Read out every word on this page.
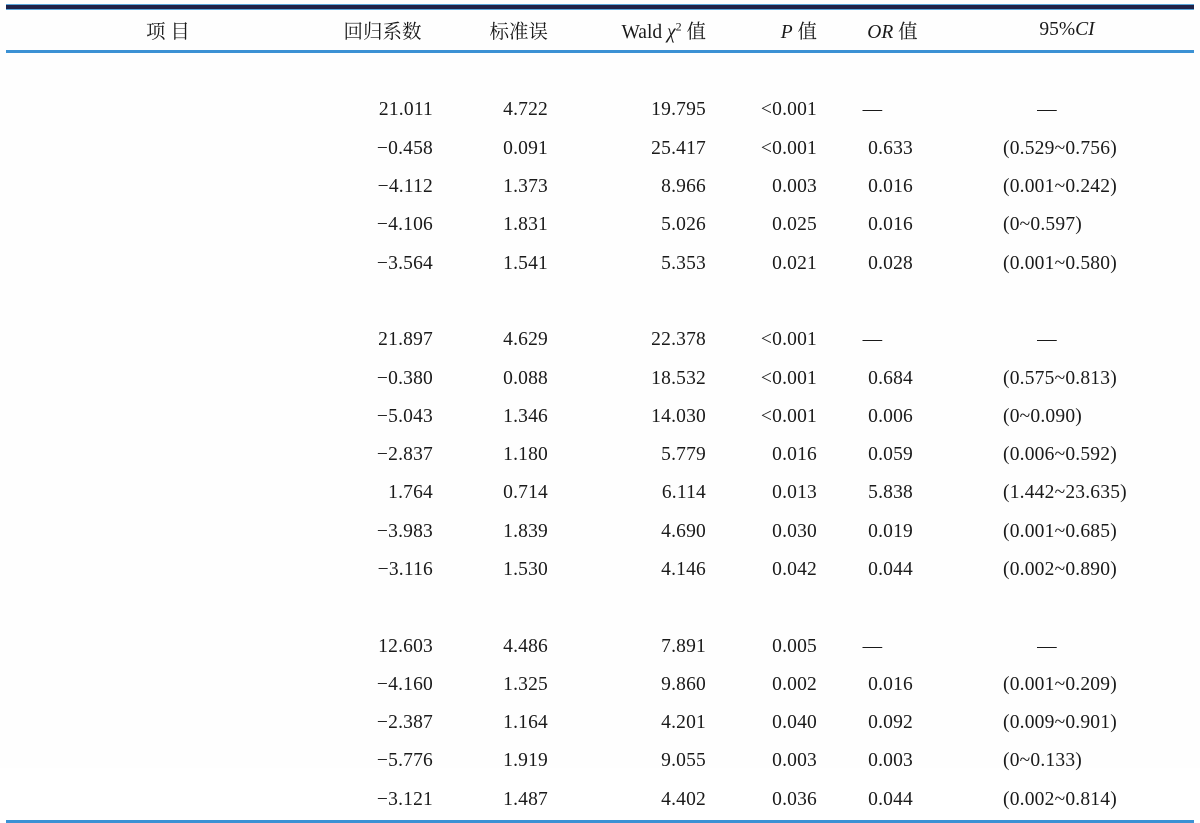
项 目	回归系数	标准误	Wald $\chi^2$ 值	P 值	OR 值	95%CI

	21.011	4.722	19.795	<0.001	—	—
	−0.458	0.091	25.417	<0.001	0.633	(0.529~0.756)
	−4.112	1.373	8.966	0.003	0.016	(0.001~0.242)
	−4.106	1.831	5.026	0.025	0.016	(0~0.597)
	−3.564	1.541	5.353	0.021	0.028	(0.001~0.580)

	21.897	4.629	22.378	<0.001	—	—
	−0.380	0.088	18.532	<0.001	0.684	(0.575~0.813)
	−5.043	1.346	14.030	<0.001	0.006	(0~0.090)
	−2.837	1.180	5.779	0.016	0.059	(0.006~0.592)
	1.764	0.714	6.114	0.013	5.838	(1.442~23.635)
	−3.983	1.839	4.690	0.030	0.019	(0.001~0.685)
	−3.116	1.530	4.146	0.042	0.044	(0.002~0.890)

	12.603	4.486	7.891	0.005	—	—
	−4.160	1.325	9.860	0.002	0.016	(0.001~0.209)
	−2.387	1.164	4.201	0.040	0.092	(0.009~0.901)
	−5.776	1.919	9.055	0.003	0.003	(0~0.133)
	−3.121	1.487	4.402	0.036	0.044	(0.002~0.814)
